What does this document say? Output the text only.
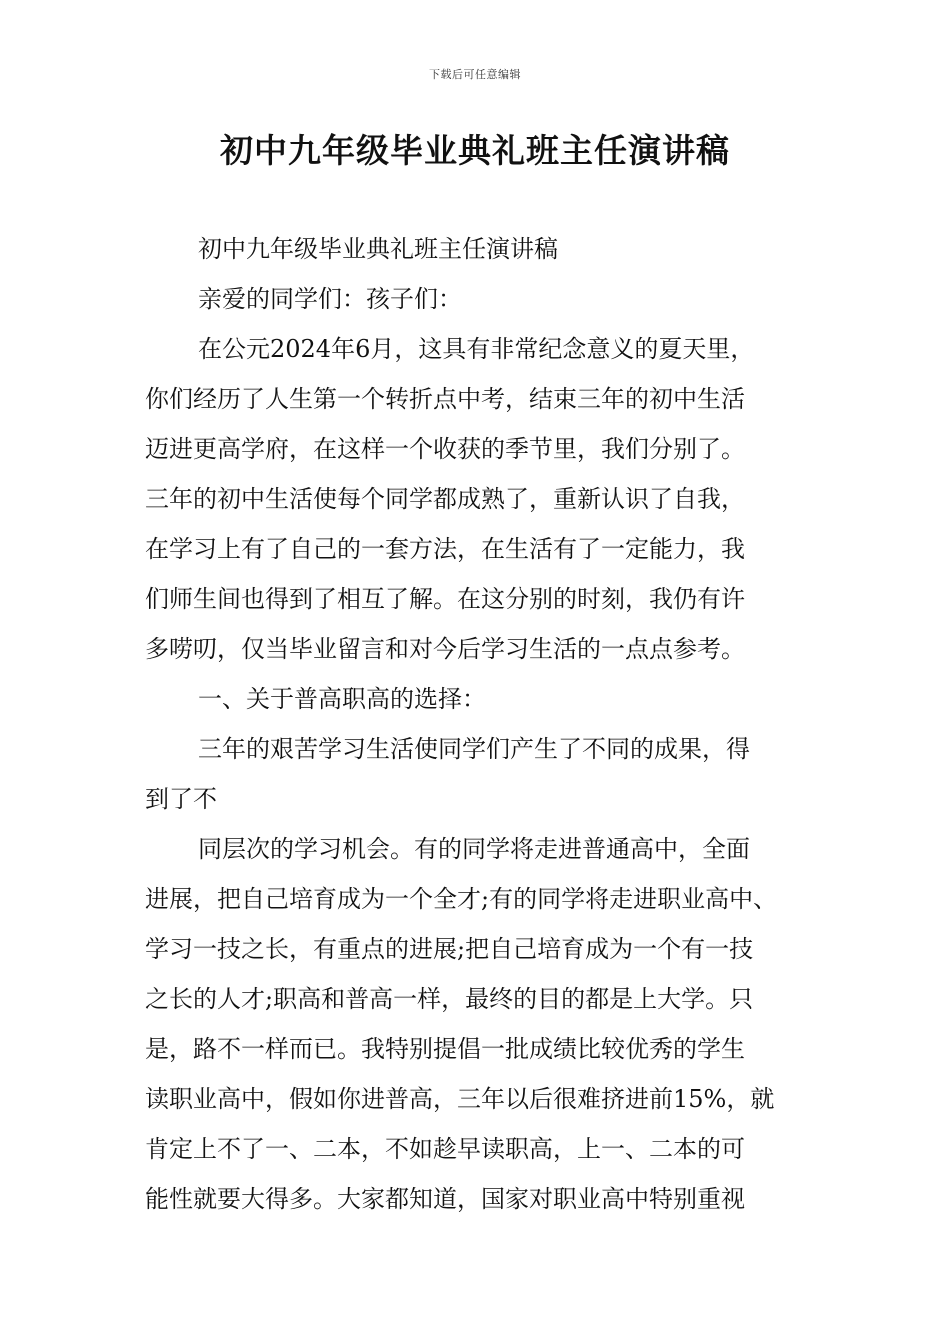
下载后可任意编辑
初中九年级毕业典礼班主任演讲稿
初中九年级毕业典礼班主任演讲稿
亲爱的同学们：孩子们：
在公元2024年6月，这具有非常纪念意义的夏天里，
你们经历了人生第一个转折点中考，结束三年的初中生活
迈进更高学府，在这样一个收获的季节里，我们分别了。
三年的初中生活使每个同学都成熟了，重新认识了自我，
在学习上有了自己的一套方法，在生活有了一定能力，我
们师生间也得到了相互了解。在这分别的时刻，我仍有许
多唠叨，仅当毕业留言和对今后学习生活的一点点参考。
一、关于普高职高的选择：
三年的艰苦学习生活使同学们产生了不同的成果，得
到了不
同层次的学习机会。有的同学将走进普通高中，全面
进展，把自己培育成为一个全才;有的同学将走进职业高中、
学习一技之长，有重点的进展;把自己培育成为一个有一技
之长的人才;职高和普高一样，最终的目的都是上大学。只
是，路不一样而已。我特别提倡一批成绩比较优秀的学生
读职业高中，假如你进普高，三年以后很难挤进前15%，就
肯定上不了一、二本，不如趁早读职高，上一、二本的可
能性就要大得多。大家都知道，国家对职业高中特别重视
